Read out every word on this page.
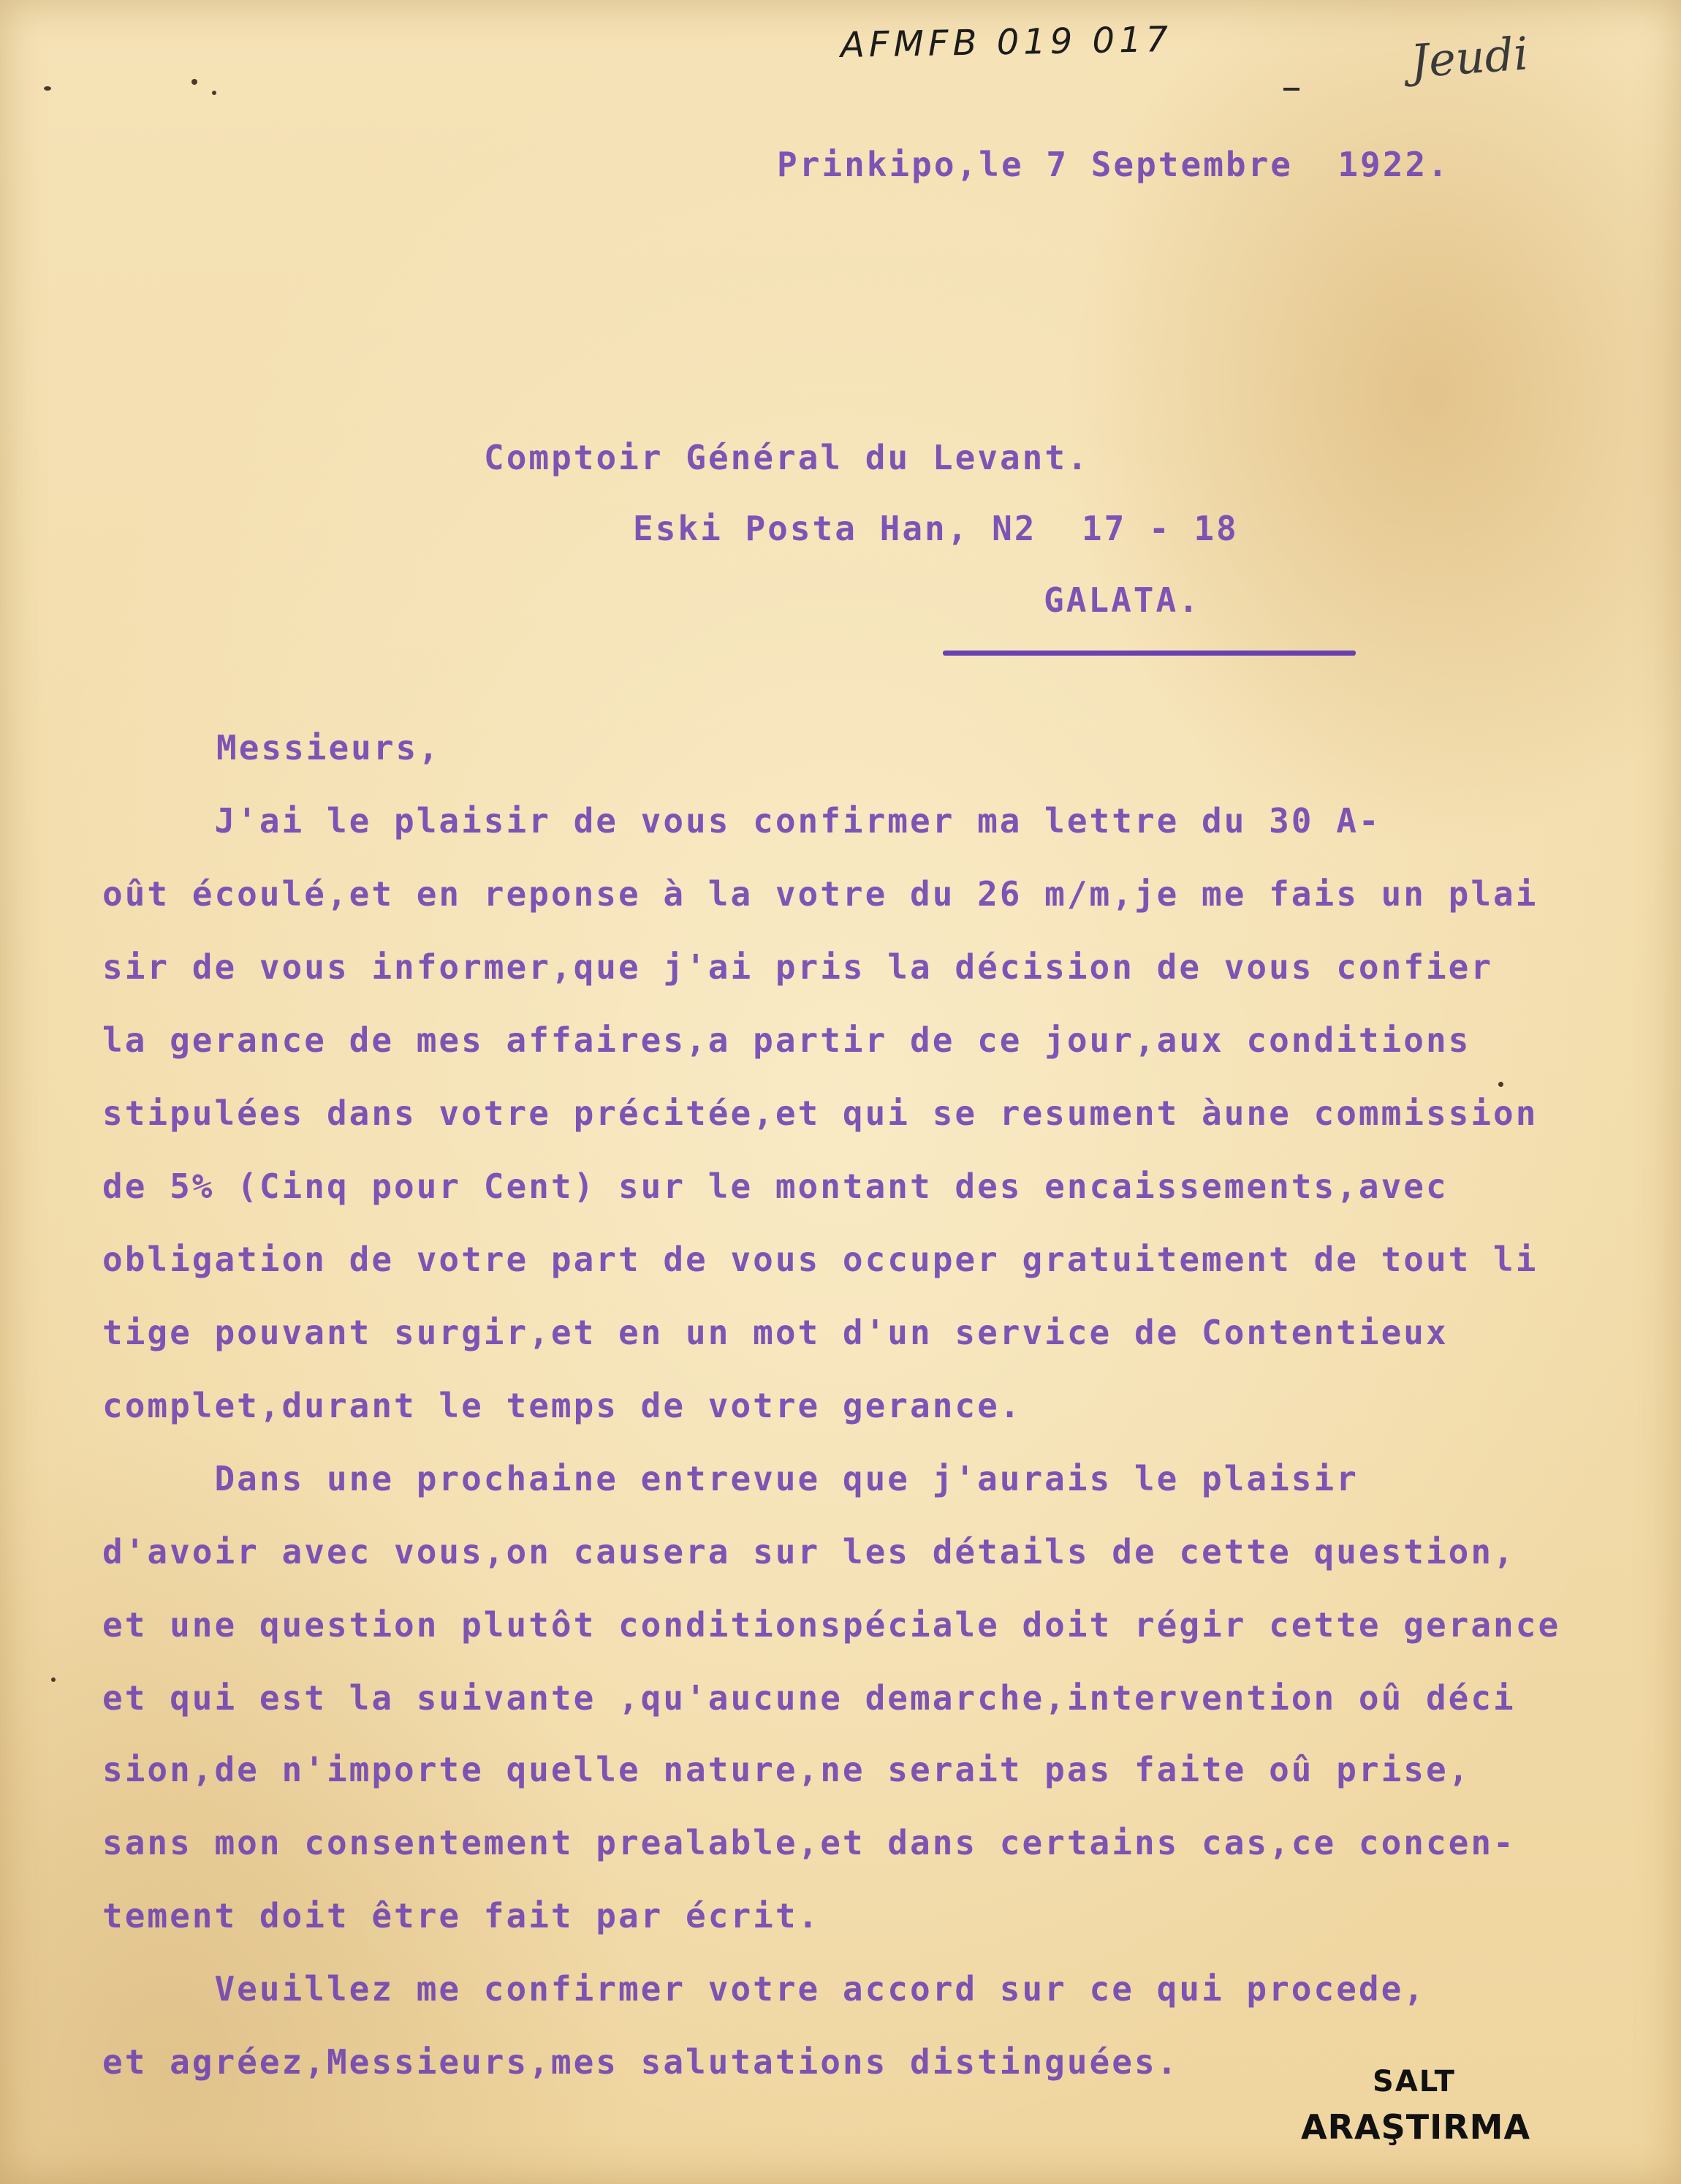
AFMFB 019 017	Jeudi
Prinkipo,le 7 Septembre  1922.
Comptoir Général du Levant.
Eski Posta Han, N2  17 - 18
GALATA.
Messieurs,
J'ai le plaisir de vous confirmer ma lettre du 30 A-
oût écoulé,et en reponse à la votre du 26 m/m,je me fais un plai
sir de vous informer,que j'ai pris la décision de vous confier
la gerance de mes affaires,a partir de ce jour,aux conditions
stipulées dans votre précitée,et qui se resument àune commission
de 5% (Cinq pour Cent) sur le montant des encaissements,avec
obligation de votre part de vous occuper gratuitement de tout li
tige pouvant surgir,et en un mot d'un service de Contentieux
complet,durant le temps de votre gerance.
Dans une prochaine entrevue que j'aurais le plaisir
d'avoir avec vous,on causera sur les détails de cette question,
et une question plutôt conditionspéciale doit régir cette gerance
et qui est la suivante ,qu'aucune demarche,intervention oû déci
sion,de n'importe quelle nature,ne serait pas faite oû prise,
sans mon consentement prealable,et dans certains cas,ce concen-
tement doit être fait par écrit.
Veuillez me confirmer votre accord sur ce qui procede,
et agréez,Messieurs,mes salutations distinguées.	SALT
ARAŞTIRMA
